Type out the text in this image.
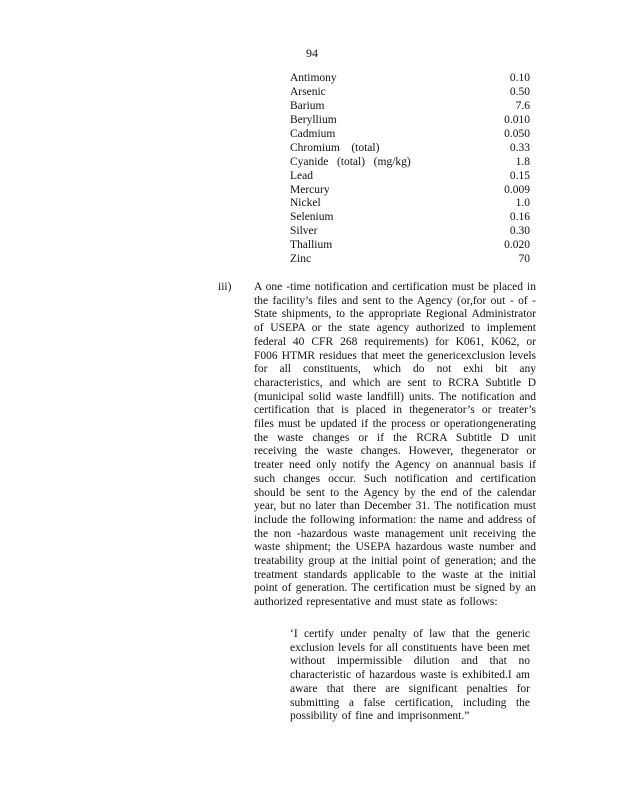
94
Antimony	0.10
Arsenic	0.50
Barium	7.6
Beryllium	0.010
Cadmium	0.050
Chromium    (total)	0.33
Cyanide   (total)   (mg/kg)	1.8
Lead	0.15
Mercury	0.009
Nickel	1.0
Selenium	0.16
Silver	0.30
Thallium	0.020
Zinc	70
iii) A one -time notification and certification must be placed in the facility’s files and sent to the Agency (or,for out - of - State shipments, to the appropriate Regional Administrator of USEPA or the state agency authorized to implement federal 40 CFR 268 requirements) for K061, K062, or F006 HTMR residues that meet the genericexclusion levels for all constituents, which do not exhi bit any characteristics, and which are sent to RCRA Subtitle D (municipal solid waste landfill) units. The notification and certification that is placed in thegenerator’s or treater’s files must be updated if the process or operationgenerating the waste changes or if the RCRA Subtitle D unit receiving the waste changes. However, thegenerator or treater need only notify the Agency on anannual basis if such changes occur. Such notification and certification should be sent to the Agency by the end of the calendar year, but no later than December 31. The notification must include the following information: the name and address of the non -hazardous waste management unit receiving the waste shipment; the USEPA hazardous waste number and treatability group at the initial point of generation; and the treatment standards applicable to the waste at the initial point of generation. The certification must be signed by an authorized representative and must state as follows:

‘I certify under penalty of law that the generic exclusion levels for all constituents have been met without impermissible dilution and that no characteristic of hazardous waste is exhibited.I am aware that there are significant penalties for submitting a false certification, including the possibility of fine and imprisonment.”
